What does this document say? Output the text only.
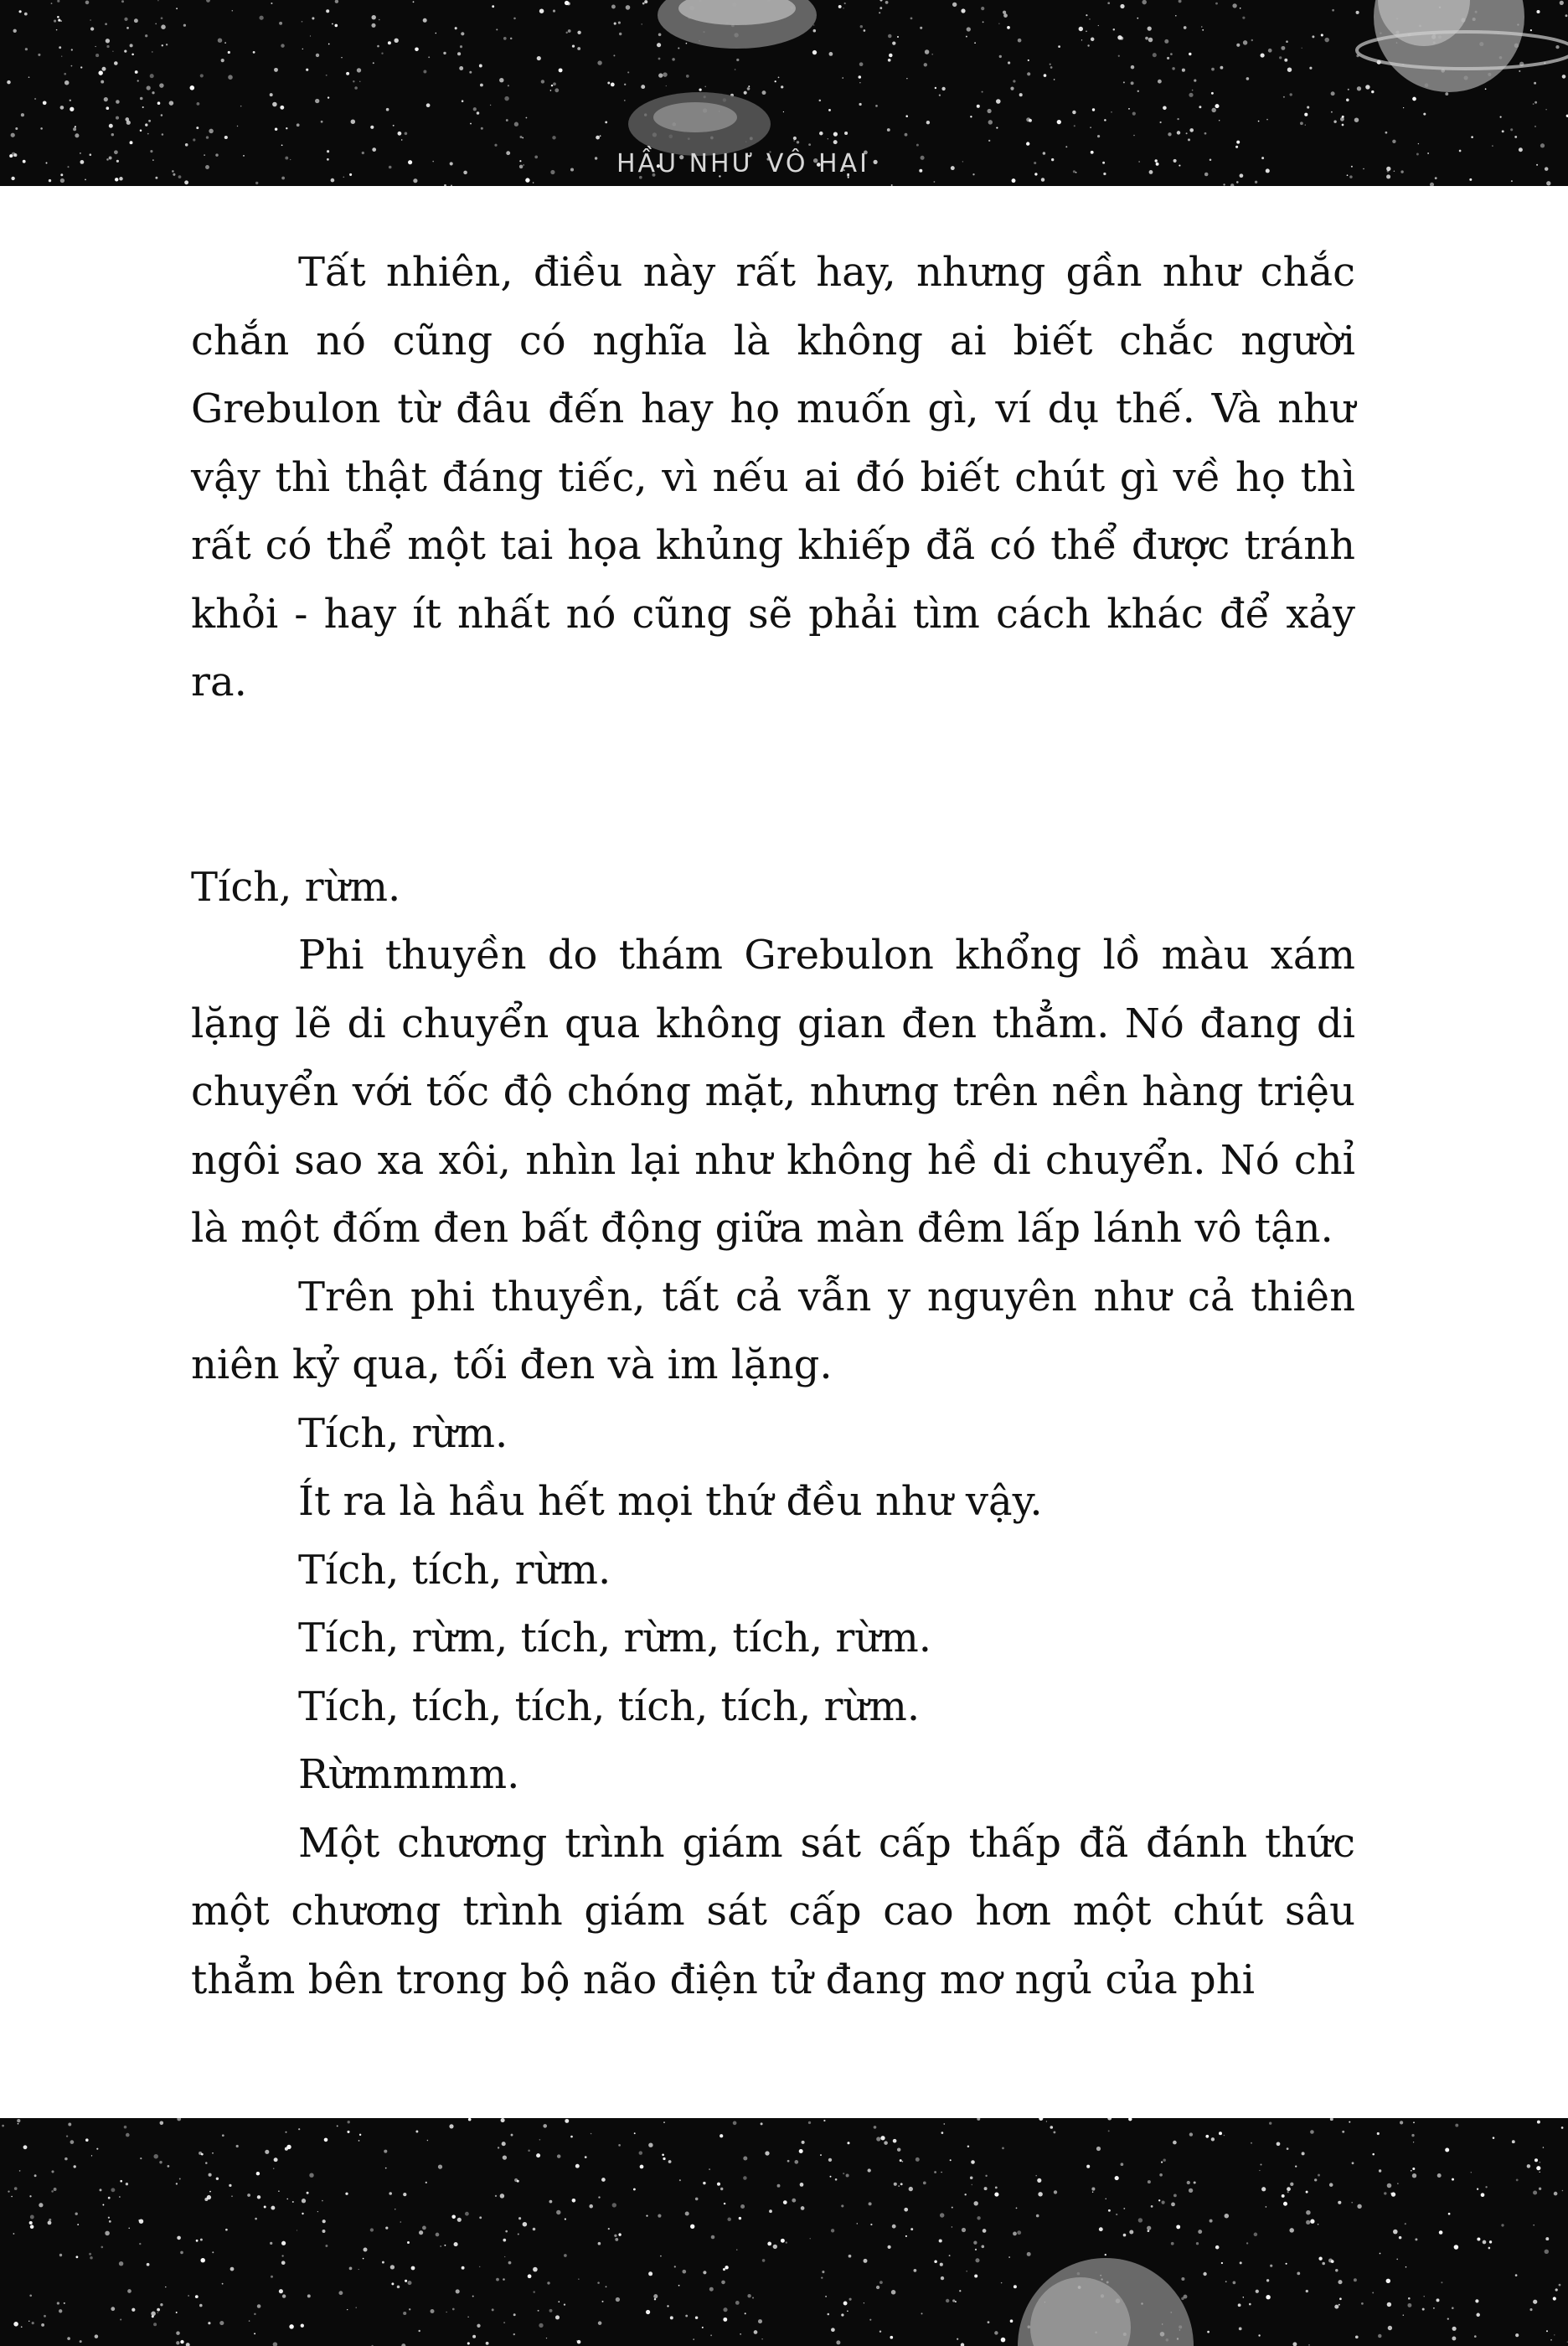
HẦU NHƯ VÔ HẠI

Tất nhiên, điều này rất hay, nhưng gần như chắc chắn nó cũng có nghĩa là không ai biết chắc người Grebulon từ đâu đến hay họ muốn gì, ví dụ thế. Và như vậy thì thật đáng tiếc, vì nếu ai đó biết chút gì về họ thì rất có thể một tai họa khủng khiếp đã có thể được tránh khỏi - hay ít nhất nó cũng sẽ phải tìm cách khác để xảy ra.

Tích, rừm.

Phi thuyền do thám Grebulon khổng lồ màu xám lặng lẽ di chuyển qua không gian đen thẳm. Nó đang di chuyển với tốc độ chóng mặt, nhưng trên nền hàng triệu ngôi sao xa xôi, nhìn lại như không hề di chuyển. Nó chỉ là một đốm đen bất động giữa màn đêm lấp lánh vô tận.

Trên phi thuyền, tất cả vẫn y nguyên như cả thiên niên kỷ qua, tối đen và im lặng.

Tích, rừm.

Ít ra là hầu hết mọi thứ đều như vậy.

Tích, tích, rừm.

Tích, rừm, tích, rừm, tích, rừm.

Tích, tích, tích, tích, tích, rừm.

Rừmmmm.

Một chương trình giám sát cấp thấp đã đánh thức một chương trình giám sát cấp cao hơn một chút sâu thẳm bên trong bộ não điện tử đang mơ ngủ của phi
